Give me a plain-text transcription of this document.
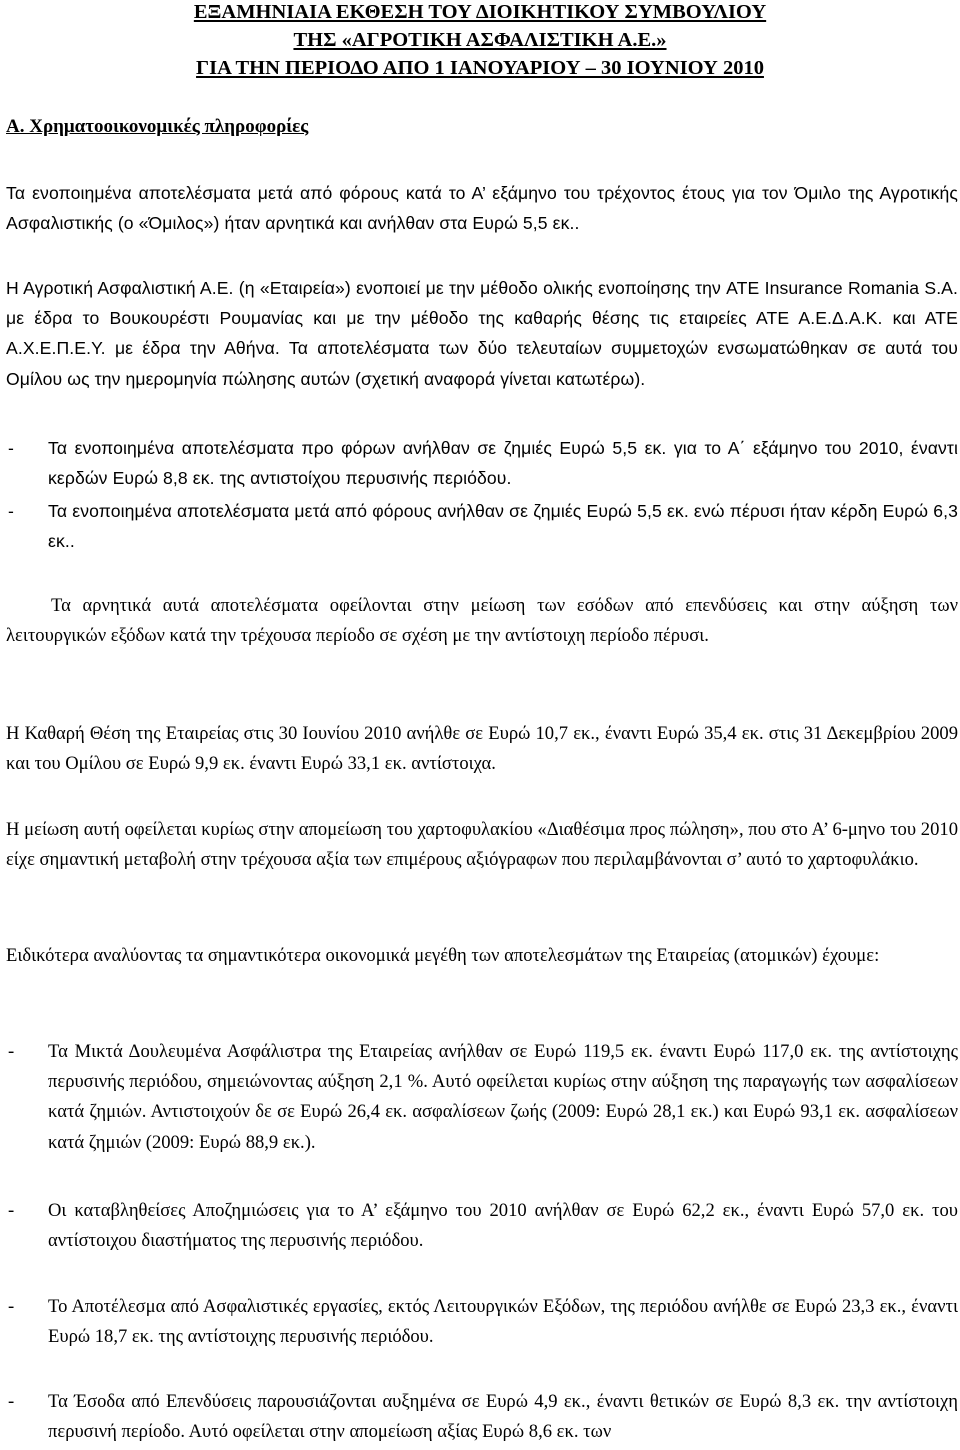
ΕΞΑΜΗΝΙΑΙΑ ΕΚΘΕΣΗ ΤΟΥ ΔΙΟΙΚΗΤΙΚΟΥ ΣΥΜΒΟΥΛΙΟΥ
ΤΗΣ «ΑΓΡΟΤΙΚΗ ΑΣΦΑΛΙΣΤΙΚΗ Α.Ε.»
ΓΙΑ ΤΗΝ ΠΕΡΙΟΔΟ ΑΠΟ 1 ΙΑΝΟΥΑΡΙΟΥ – 30 ΙΟΥΝΙΟΥ 2010
Α. Χρηματοοικονομικές πληροφορίες
Τα ενοποιημένα αποτελέσματα μετά από φόρους κατά το Α’ εξάμηνο του τρέχοντος έτους για τον Όμιλο της Αγροτικής Ασφαλιστικής (ο «Όμιλος») ήταν αρνητικά και ανήλθαν στα Ευρώ 5,5 εκ..
Η Αγροτική Ασφαλιστική Α.Ε. (η «Εταιρεία») ενοποιεί με την μέθοδο ολικής ενοποίησης την ATE Insurance Romania S.A. με έδρα το Βουκουρέστι Ρουμανίας και με την μέθοδο της καθαρής θέσης τις εταιρείες ΑΤΕ Α.Ε.Δ.Α.Κ. και ΑΤΕ Α.Χ.Ε.Π.Ε.Υ. με έδρα την Αθήνα. Τα αποτελέσματα των δύο τελευταίων συμμετοχών ενσωματώθηκαν σε αυτά του Ομίλου ως την ημερομηνία πώλησης αυτών (σχετική αναφορά γίνεται κατωτέρω).
- Τα ενοποιημένα αποτελέσματα προ φόρων ανήλθαν σε ζημιές Ευρώ 5,5 εκ. για το Α΄ εξάμηνο του 2010, έναντι κερδών Ευρώ 8,8 εκ. της αντιστοίχου περυσινής περιόδου.
- Τα ενοποιημένα αποτελέσματα μετά από φόρους ανήλθαν σε ζημιές Ευρώ 5,5 εκ. ενώ πέρυσι ήταν κέρδη Ευρώ 6,3 εκ..
Τα αρνητικά αυτά αποτελέσματα οφείλονται στην μείωση των εσόδων από επενδύσεις και στην αύξηση των λειτουργικών εξόδων κατά την τρέχουσα περίοδο σε σχέση με την αντίστοιχη περίοδο πέρυσι.
Η Καθαρή Θέση της Εταιρείας στις 30 Ιουνίου 2010 ανήλθε σε Ευρώ 10,7 εκ., έναντι Ευρώ 35,4 εκ. στις 31 Δεκεμβρίου 2009 και του Ομίλου σε Ευρώ 9,9 εκ. έναντι Ευρώ 33,1 εκ. αντίστοιχα.
Η μείωση αυτή οφείλεται κυρίως στην απομείωση του χαρτοφυλακίου «Διαθέσιμα προς πώληση», που στο Α’ 6-μηνο του 2010 είχε σημαντική μεταβολή στην τρέχουσα αξία των επιμέρους αξιόγραφων που περιλαμβάνονται σ’ αυτό το χαρτοφυλάκιο.
Ειδικότερα αναλύοντας τα σημαντικότερα οικονομικά μεγέθη των αποτελεσμάτων της Εταιρείας (ατομικών) έχουμε:
- Τα Μικτά Δουλευμένα Ασφάλιστρα της Εταιρείας ανήλθαν σε Ευρώ 119,5 εκ. έναντι Ευρώ 117,0 εκ. της αντίστοιχης περυσινής περιόδου, σημειώνοντας αύξηση 2,1 %. Αυτό οφείλεται κυρίως στην αύξηση της παραγωγής των ασφαλίσεων κατά ζημιών. Αντιστοιχούν δε σε Ευρώ 26,4 εκ. ασφαλίσεων ζωής (2009: Ευρώ 28,1 εκ.) και Ευρώ 93,1 εκ. ασφαλίσεων κατά ζημιών (2009: Ευρώ 88,9 εκ.).
- Οι καταβληθείσες Αποζημιώσεις για το Α’ εξάμηνο του 2010 ανήλθαν σε Ευρώ 62,2 εκ., έναντι Ευρώ 57,0 εκ. του αντίστοιχου διαστήματος της περυσινής περιόδου.
- Το Αποτέλεσμα από Ασφαλιστικές εργασίες, εκτός Λειτουργικών Εξόδων, της περιόδου ανήλθε σε Ευρώ 23,3 εκ., έναντι Ευρώ 18,7 εκ. της αντίστοιχης περυσινής περιόδου.
- Τα Έσοδα από Επενδύσεις παρουσιάζονται αυξημένα σε Ευρώ 4,9 εκ., έναντι θετικών σε Ευρώ 8,3 εκ. την αντίστοιχη περυσινή περίοδο. Αυτό οφείλεται στην απομείωση αξίας Ευρώ 8,6 εκ. των
